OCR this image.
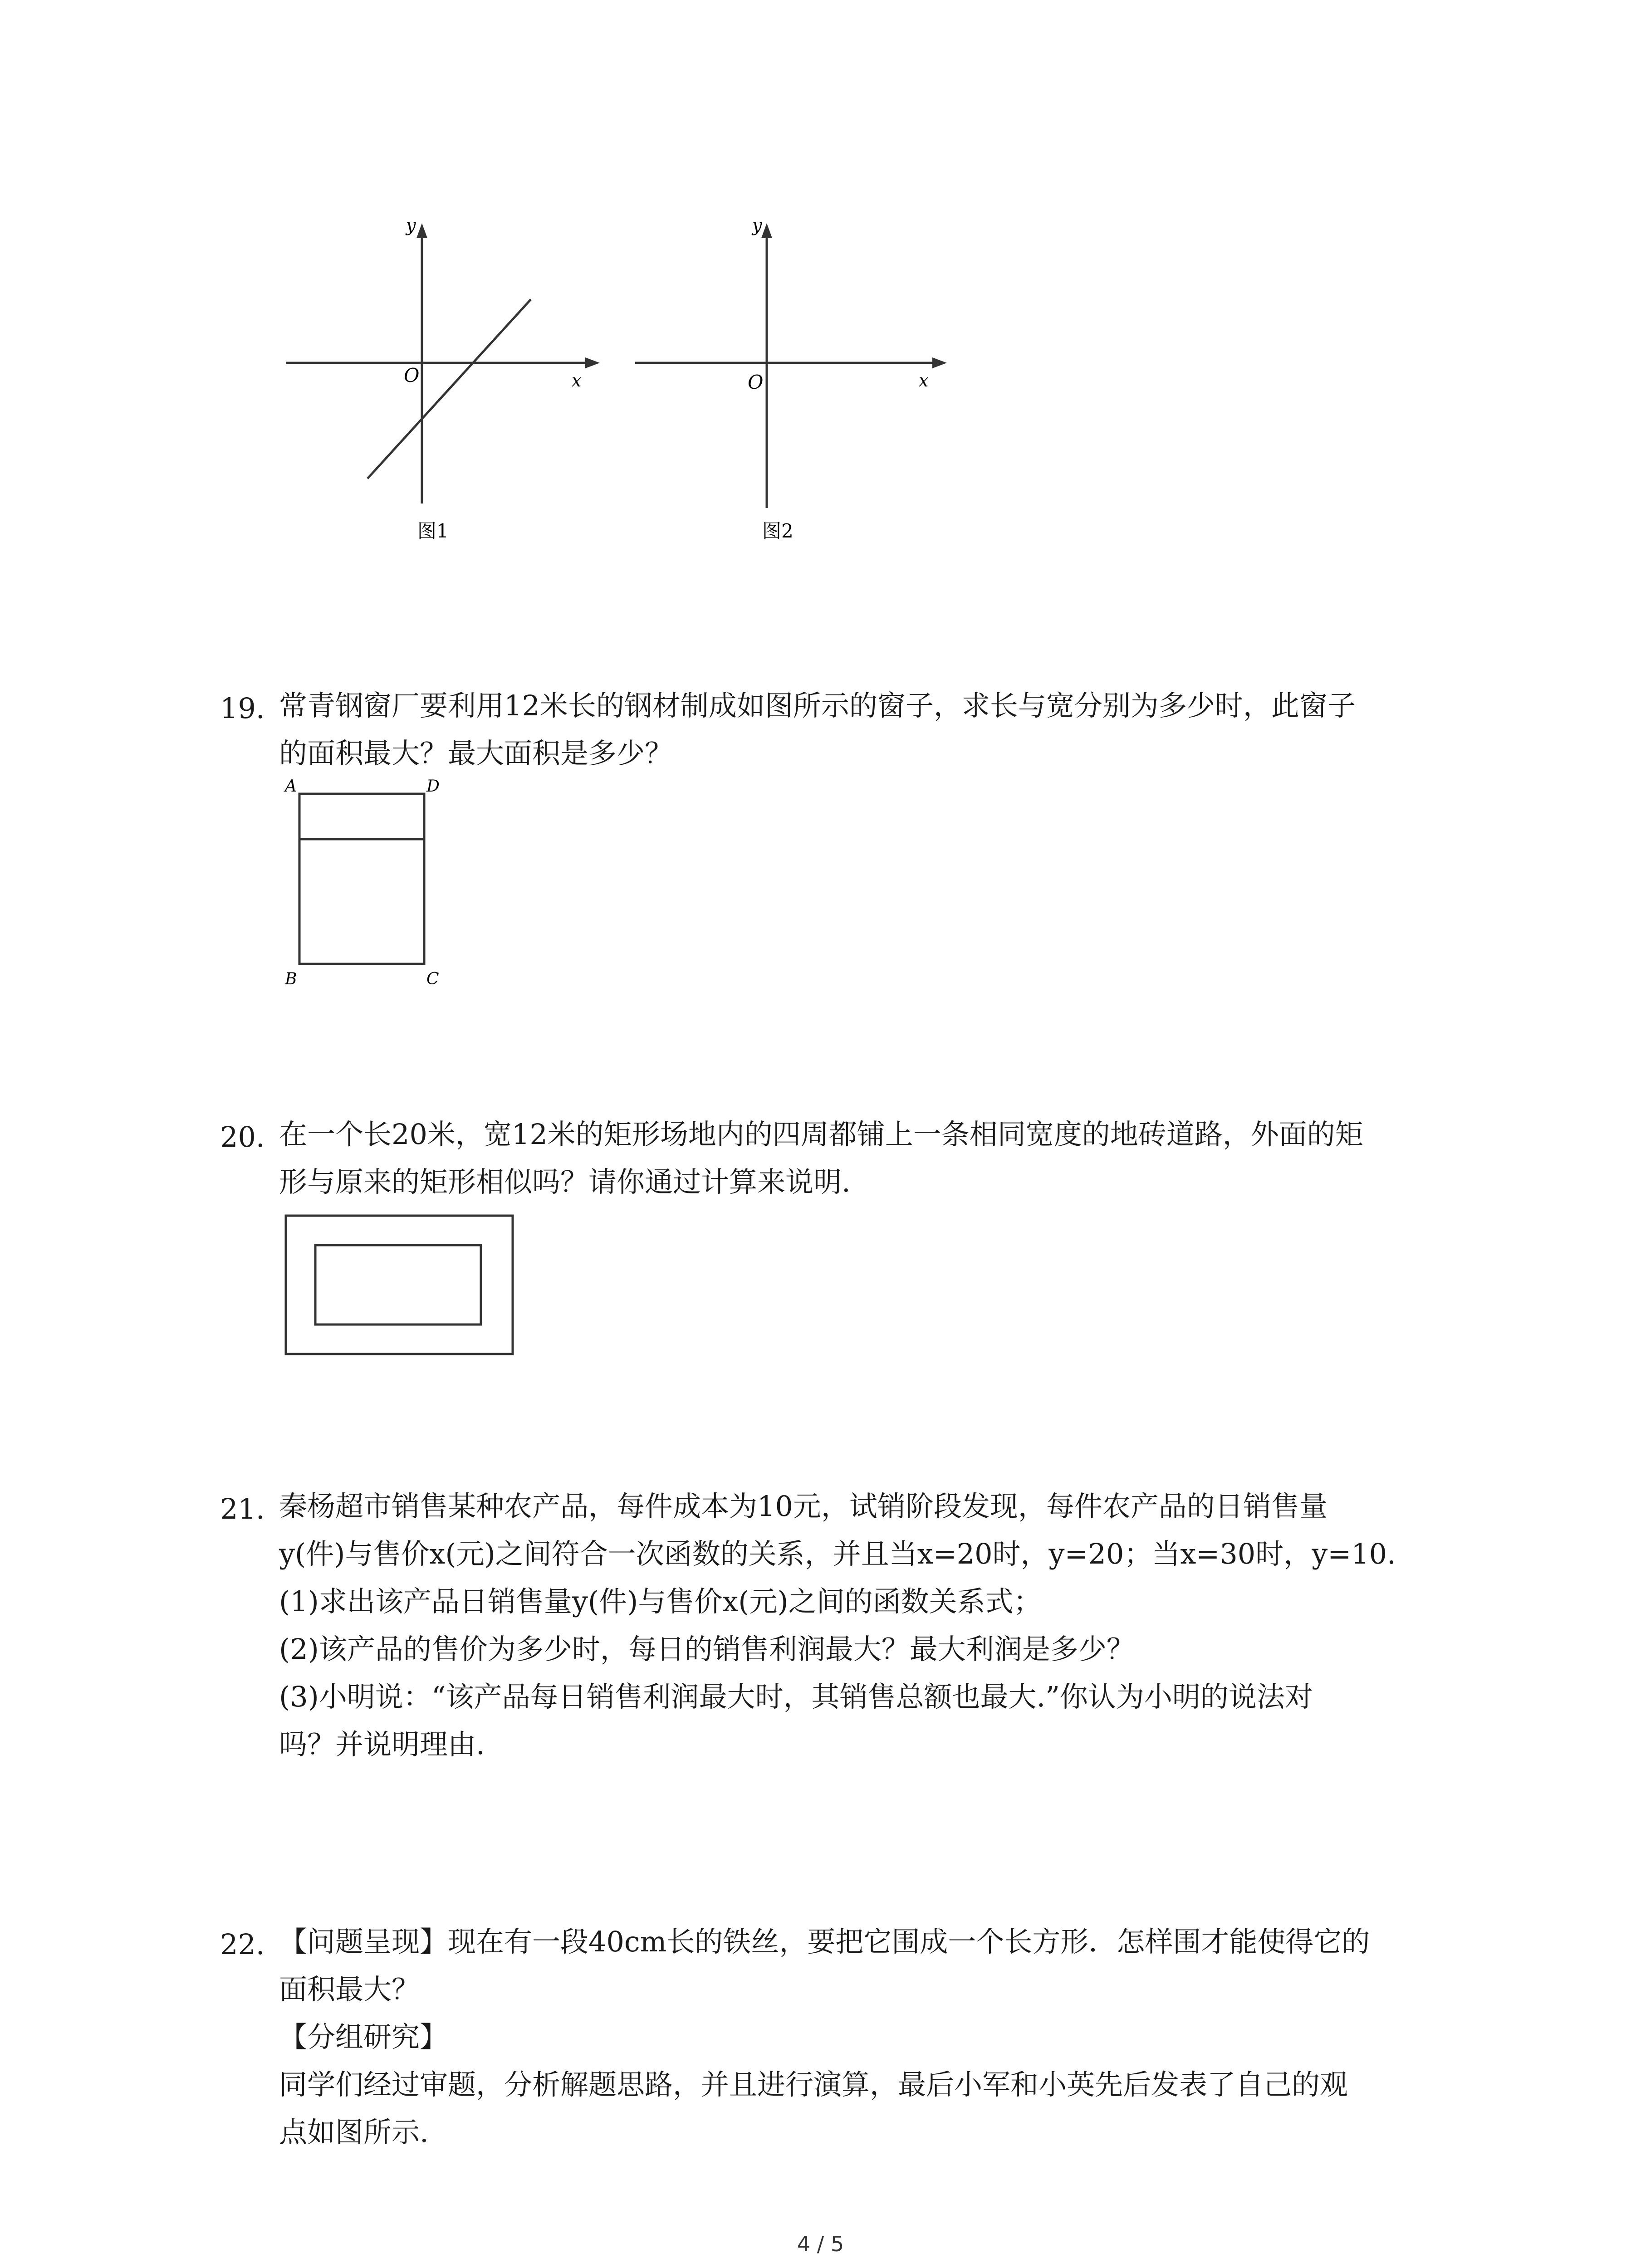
y
x
O
图1
y
x
O
图2
19. 常青钢窗厂要利用12米长的钢材制成如图所示的窗子，求长与宽分别为多少时，此窗子
的面积最大？最大面积是多少？
A	D
B	C
20. 在一个长20米，宽12米的矩形场地内的四周都铺上一条相同宽度的地砖道路，外面的矩
形与原来的矩形相似吗？请你通过计算来说明.
21. 秦杨超市销售某种农产品，每件成本为10元，试销阶段发现，每件农产品的日销售量
y(件)与售价x(元)之间符合一次函数的关系，并且当x=20时，y=20；当x=30时，y=10.
(1)求出该产品日销售量y(件)与售价x(元)之间的函数关系式；
(2)该产品的售价为多少时，每日的销售利润最大？最大利润是多少？
(3)小明说：“该产品每日销售利润最大时，其销售总额也最大.”你认为小明的说法对
吗？并说明理由.
22. 【问题呈现】现在有一段40cm长的铁丝，要把它围成一个长方形．怎样围才能使得它的
面积最大？
【分组研究】
同学们经过审题，分析解题思路，并且进行演算，最后小军和小英先后发表了自己的观
点如图所示.
4 / 5
